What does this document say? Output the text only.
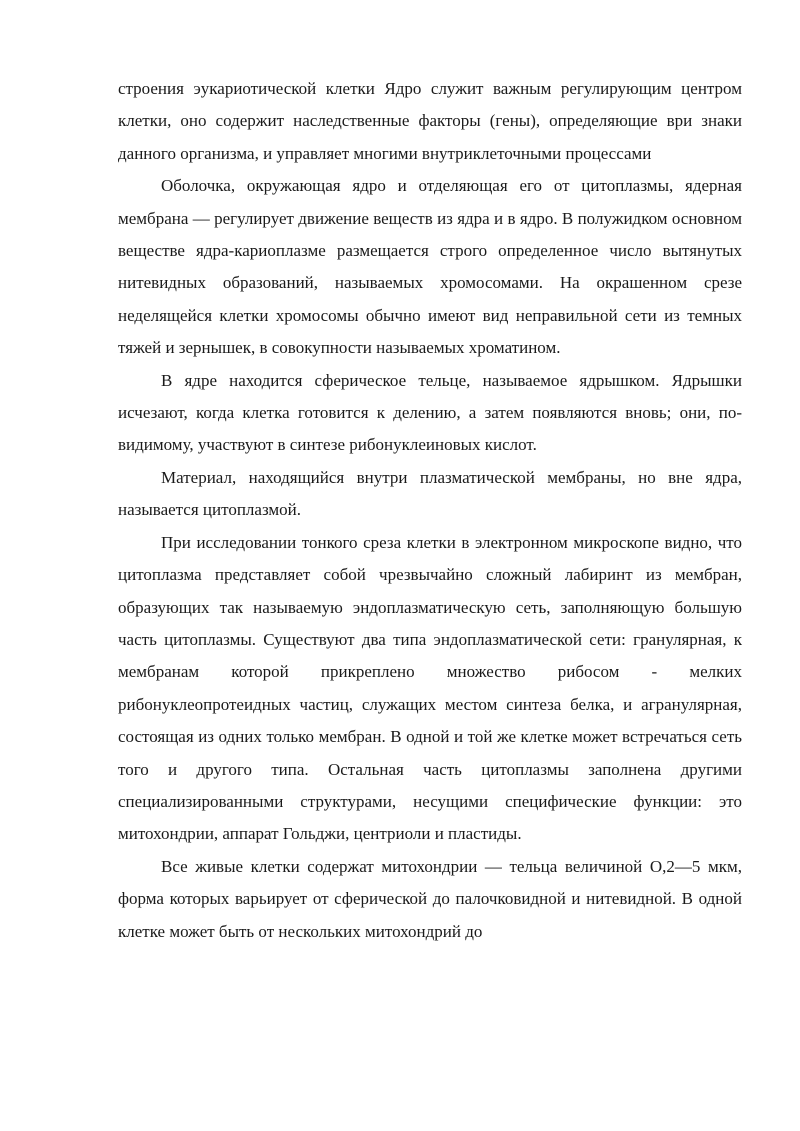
строения эукариотической клетки Ядро служит важным регулирующим центром клетки, оно содержит наследственные факторы (гены), определяющие ври знаки данного организма, и управляет многими внутриклеточными процессами

Оболочка, окружающая ядро и отделяющая его от цитоплазмы, ядерная мембрана — регулирует движение веществ из ядра и в ядро. В полужидком основном веществе ядра-кариоплазме размещается строго определенное число вытянутых нитевидных образований, называемых хромосомами. На окрашенном срезе неделящейся клетки хромосомы обычно имеют вид неправильной сети из темных тяжей и зернышек, в совокупности называемых хроматином.

В ядре находится сферическое тельце, называемое ядрышком. Ядрышки исчезают, когда клетка готовится к делению, а затем появляются вновь; они, по-видимому, участвуют в синтезе рибонуклеиновых кислот.

Материал, находящийся внутри плазматической мембраны, но вне ядра, называется цитоплазмой.

При исследовании тонкого среза клетки в электронном микроскопе видно, что цитоплазма представляет собой чрезвычайно сложный лабиринт из мембран, образующих так называемую эндоплазматическую сеть, заполняющую большую часть цитоплазмы. Существуют два типа эндоплазматической сети: гранулярная, к мембранам которой прикреплено множество рибосом - мелких рибонуклеопротеидных частиц, служащих местом синтеза белка, и агранулярная, состоящая из одних только мембран. В одной и той же клетке может встречаться сеть того и другого типа. Остальная часть цитоплазмы заполнена другими специализированными структурами, несущими специфические функции: это митохондрии, аппарат Гольджи, центриоли и пластиды.

Все живые клетки содержат митохондрии — тельца величиной О,2—5 мкм, форма которых варьирует от сферической до палочковидной и нитевидной. В одной клетке может быть от нескольких митохондрий до
